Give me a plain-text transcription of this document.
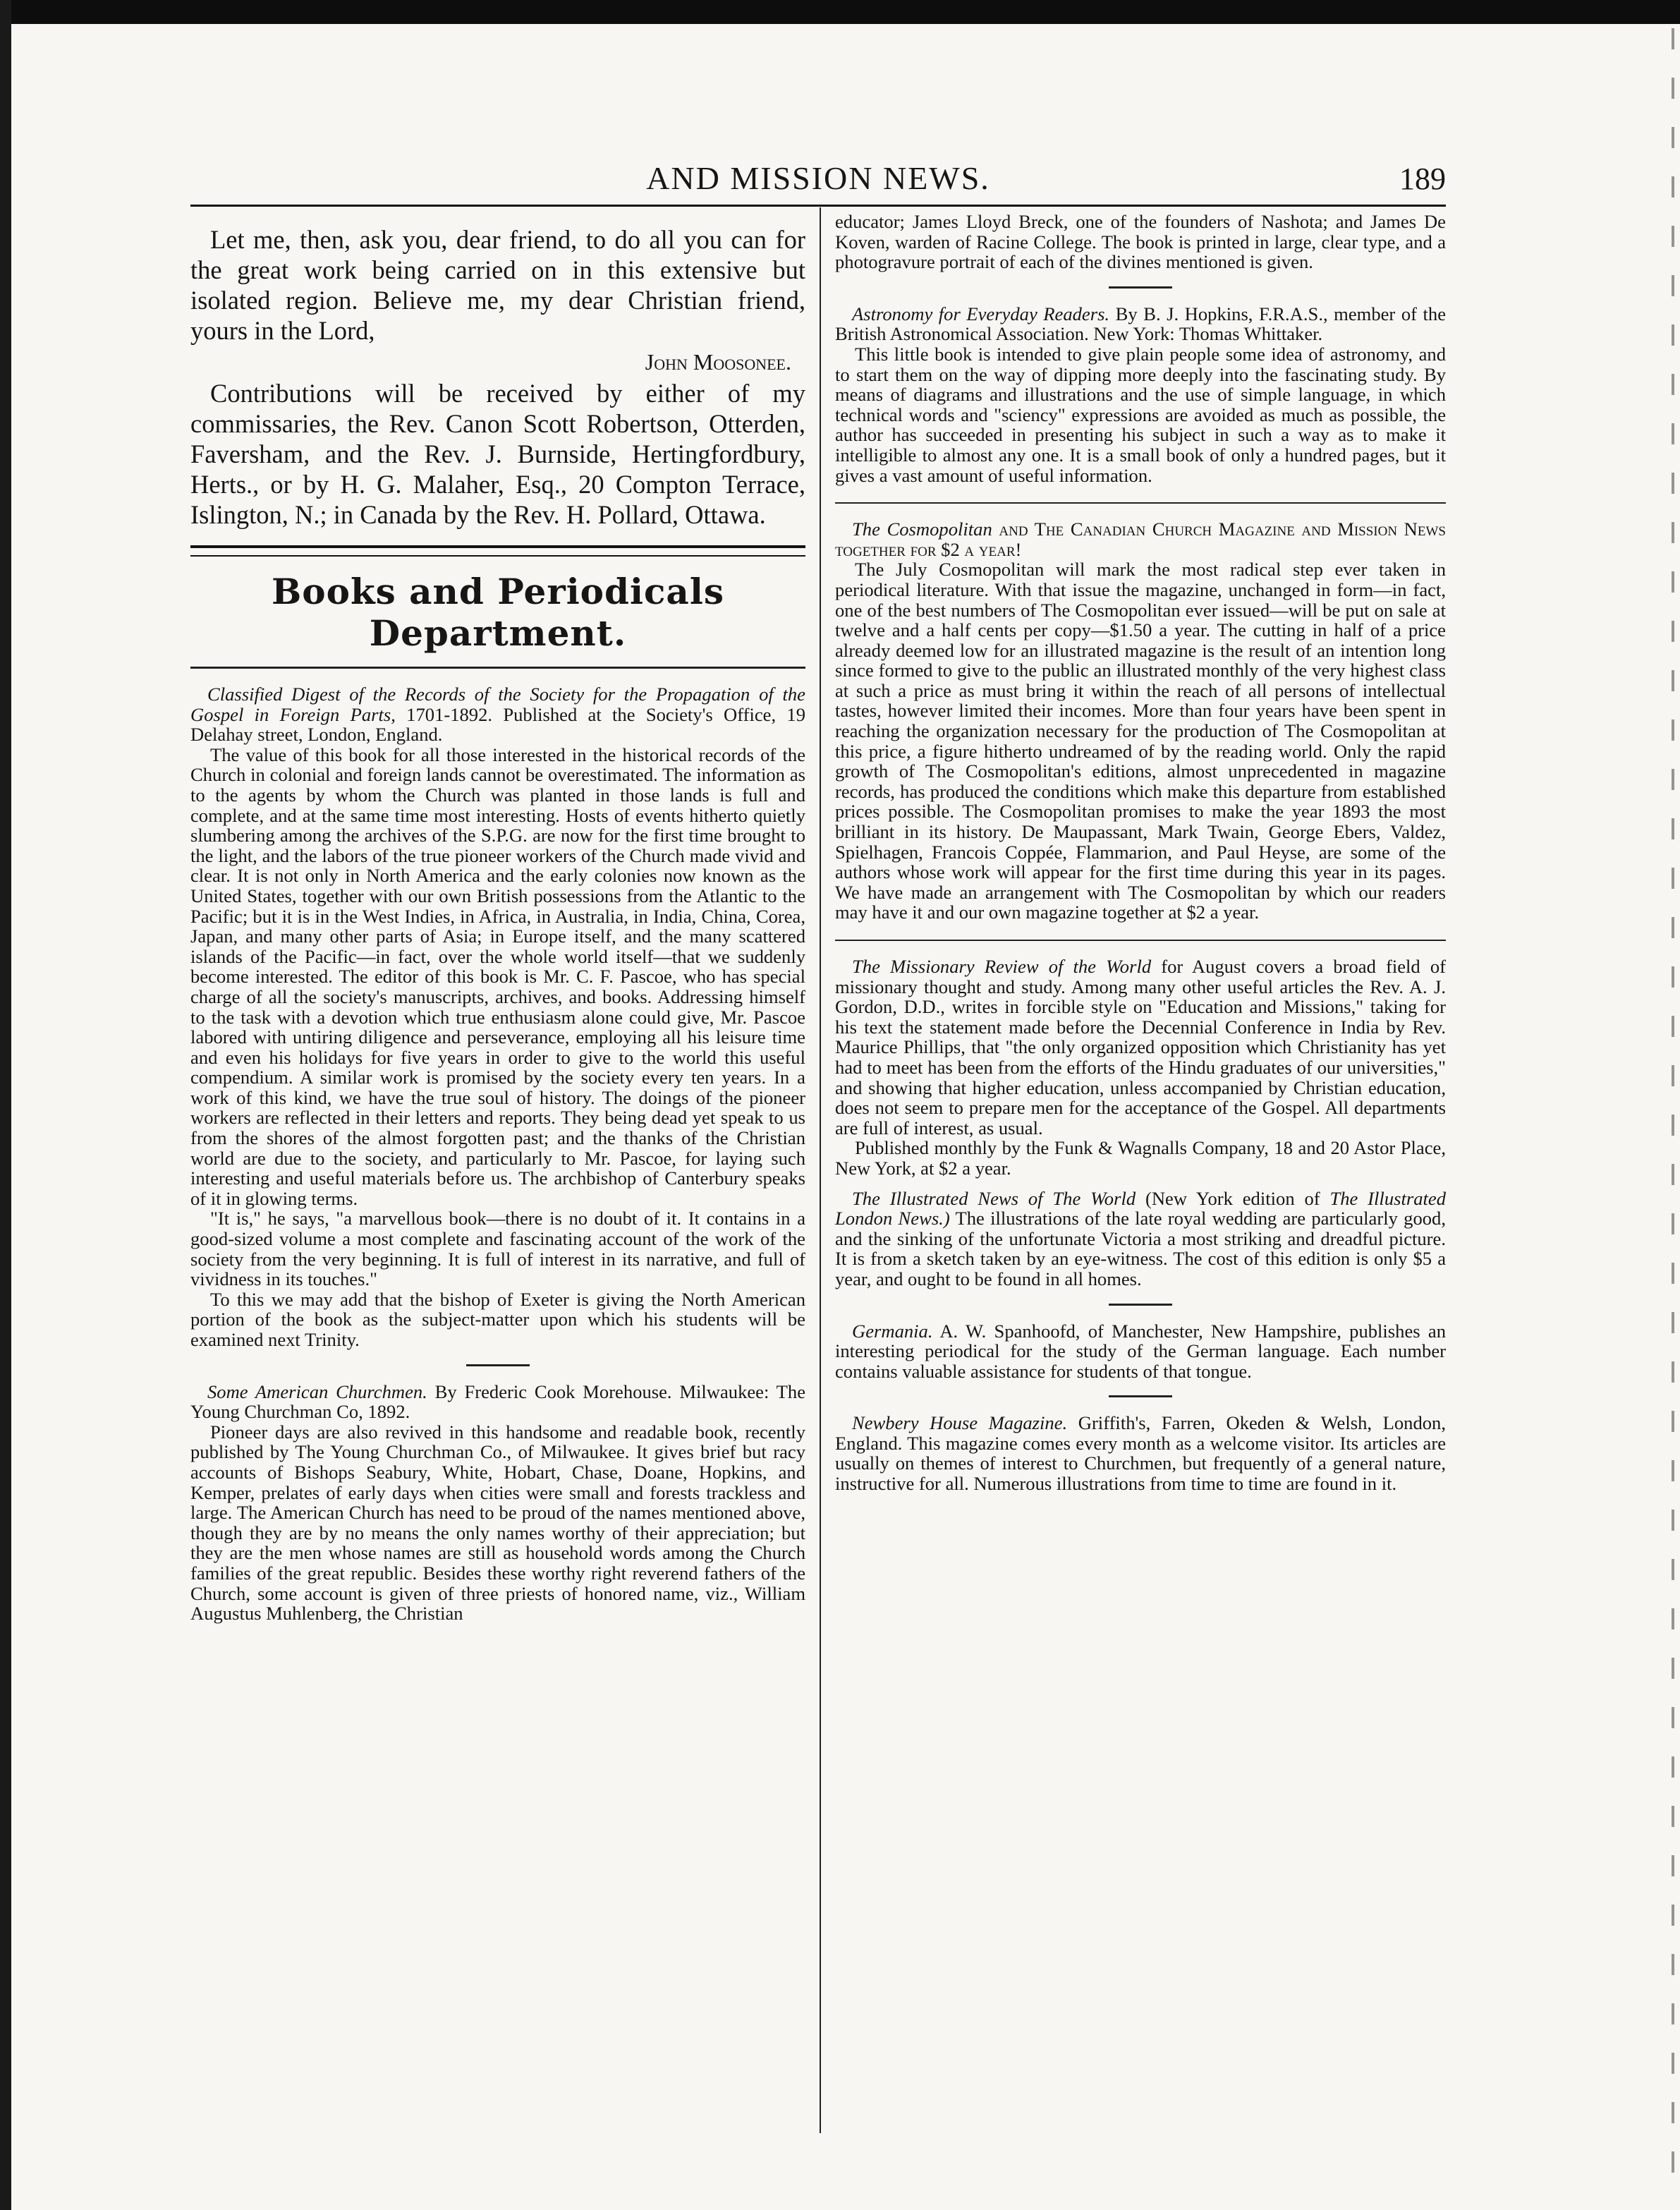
AND MISSION NEWS.	189

Let me, then, ask you, dear friend, to do all you can for the great work being carried on in this extensive but isolated region. Believe me, my dear Christian friend, yours in the Lord,

John Moosonee.

Contributions will be received by either of my commissaries, the Rev. Canon Scott Robertson, Otterden, Faversham, and the Rev. J. Burnside, Hertingfordbury, Herts., or by H. G. Malaher, Esq., 20 Compton Terrace, Islington, N.; in Canada by the Rev. H. Pollard, Ottawa.

Books and Periodicals Department.

Classified Digest of the Records of the Society for the Propagation of the Gospel in Foreign Parts, 1701-1892. Published at the Society's Office, 19 Delahay street, London, England.

The value of this book for all those interested in the historical records of the Church in colonial and foreign lands cannot be overestimated. The information as to the agents by whom the Church was planted in those lands is full and complete, and at the same time most interesting. Hosts of events hitherto quietly slumbering among the archives of the S.P.G. are now for the first time brought to the light, and the labors of the true pioneer workers of the Church made vivid and clear. It is not only in North America and the early colonies now known as the United States, together with our own British possessions from the Atlantic to the Pacific; but it is in the West Indies, in Africa, in Australia, in India, China, Corea, Japan, and many other parts of Asia; in Europe itself, and the many scattered islands of the Pacific—in fact, over the whole world itself—that we suddenly become interested. The editor of this book is Mr. C. F. Pascoe, who has special charge of all the society's manuscripts, archives, and books. Addressing himself to the task with a devotion which true enthusiasm alone could give, Mr. Pascoe labored with untiring diligence and perseverance, employing all his leisure time and even his holidays for five years in order to give to the world this useful compendium. A similar work is promised by the society every ten years. In a work of this kind, we have the true soul of history. The doings of the pioneer workers are reflected in their letters and reports. They being dead yet speak to us from the shores of the almost forgotten past; and the thanks of the Christian world are due to the society, and particularly to Mr. Pascoe, for laying such interesting and useful materials before us. The archbishop of Canterbury speaks of it in glowing terms.

"It is," he says, "a marvellous book—there is no doubt of it. It contains in a good-sized volume a most complete and fascinating account of the work of the society from the very beginning. It is full of interest in its narrative, and full of vividness in its touches."

To this we may add that the bishop of Exeter is giving the North American portion of the book as the subject-matter upon which his students will be examined next Trinity.

Some American Churchmen. By Frederic Cook Morehouse. Milwaukee: The Young Churchman Co, 1892.

Pioneer days are also revived in this handsome and readable book, recently published by The Young Churchman Co., of Milwaukee. It gives brief but racy accounts of Bishops Seabury, White, Hobart, Chase, Doane, Hopkins, and Kemper, prelates of early days when cities were small and forests trackless and large. The American Church has need to be proud of the names mentioned above, though they are by no means the only names worthy of their appreciation; but they are the men whose names are still as household words among the Church families of the great republic. Besides these worthy right reverend fathers of the Church, some account is given of three priests of honored name, viz., William Augustus Muhlenberg, the Christian

educator; James Lloyd Breck, one of the founders of Nashota; and James De Koven, warden of Racine College. The book is printed in large, clear type, and a photogravure portrait of each of the divines mentioned is given.

Astronomy for Everyday Readers. By B. J. Hopkins, F.R.A.S., member of the British Astronomical Association. New York: Thomas Whittaker.

This little book is intended to give plain people some idea of astronomy, and to start them on the way of dipping more deeply into the fascinating study. By means of diagrams and illustrations and the use of simple language, in which technical words and "sciency" expressions are avoided as much as possible, the author has succeeded in presenting his subject in such a way as to make it intelligible to almost any one. It is a small book of only a hundred pages, but it gives a vast amount of useful information.

The Cosmopolitan and The Canadian Church Magazine and Mission News together for $2 a year!

The July Cosmopolitan will mark the most radical step ever taken in periodical literature. With that issue the magazine, unchanged in form—in fact, one of the best numbers of The Cosmopolitan ever issued—will be put on sale at twelve and a half cents per copy—$1.50 a year. The cutting in half of a price already deemed low for an illustrated magazine is the result of an intention long since formed to give to the public an illustrated monthly of the very highest class at such a price as must bring it within the reach of all persons of intellectual tastes, however limited their incomes. More than four years have been spent in reaching the organization necessary for the production of The Cosmopolitan at this price, a figure hitherto undreamed of by the reading world. Only the rapid growth of The Cosmopolitan's editions, almost unprecedented in magazine records, has produced the conditions which make this departure from established prices possible. The Cosmopolitan promises to make the year 1893 the most brilliant in its history. De Maupassant, Mark Twain, George Ebers, Valdez, Spielhagen, Francois Coppée, Flammarion, and Paul Heyse, are some of the authors whose work will appear for the first time during this year in its pages. We have made an arrangement with The Cosmopolitan by which our readers may have it and our own magazine together at $2 a year.

The Missionary Review of the World for August covers a broad field of missionary thought and study. Among many other useful articles the Rev. A. J. Gordon, D.D., writes in forcible style on "Education and Missions," taking for his text the statement made before the Decennial Conference in India by Rev. Maurice Phillips, that "the only organized opposition which Christianity has yet had to meet has been from the efforts of the Hindu graduates of our universities," and showing that higher education, unless accompanied by Christian education, does not seem to prepare men for the acceptance of the Gospel. All departments are full of interest, as usual.

Published monthly by the Funk & Wagnalls Company, 18 and 20 Astor Place, New York, at $2 a year.

The Illustrated News of The World (New York edition of The Illustrated London News.) The illustrations of the late royal wedding are particularly good, and the sinking of the unfortunate Victoria a most striking and dreadful picture. It is from a sketch taken by an eye-witness. The cost of this edition is only $5 a year, and ought to be found in all homes.

Germania. A. W. Spanhoofd, of Manchester, New Hampshire, publishes an interesting periodical for the study of the German language. Each number contains valuable assistance for students of that tongue.

Newbery House Magazine. Griffith's, Farren, Okeden & Welsh, London, England. This magazine comes every month as a welcome visitor. Its articles are usually on themes of interest to Churchmen, but frequently of a general nature, instructive for all. Numerous illustrations from time to time are found in it.
